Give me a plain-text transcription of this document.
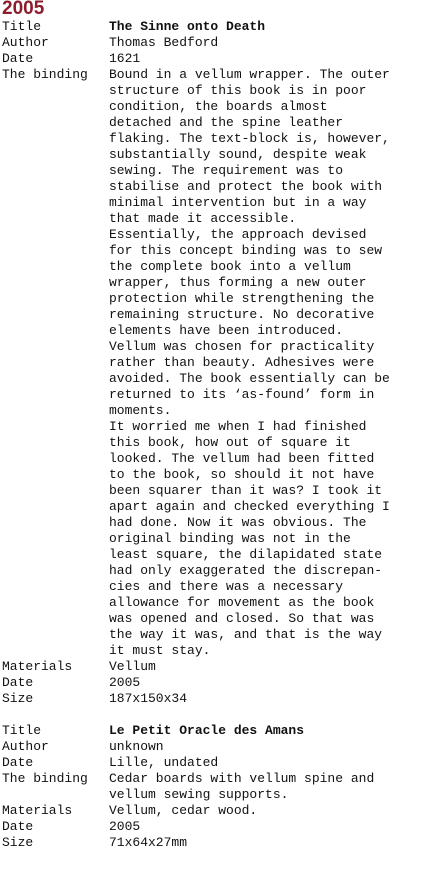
2005
Title	The Sinne onto Death
Author	Thomas Bedford
Date	1621
The binding	Bound in a vellum wrapper. The outer
structure of this book is in poor
condition, the boards almost
detached and the spine leather
flaking. The text-block is, however,
substantially sound, despite weak
sewing. The requirement was to
stabilise and protect the book with
minimal intervention but in a way
that made it accessible.
Essentially, the approach devised
for this concept binding was to sew
the complete book into a vellum
wrapper, thus forming a new outer
protection while strengthening the
remaining structure. No decorative
elements have been introduced.
Vellum was chosen for practicality
rather than beauty. Adhesives were
avoided. The book essentially can be
returned to its ‘as-found’ form in
moments.
It worried me when I had finished
this book, how out of square it
looked. The vellum had been fitted
to the book, so should it not have
been squarer than it was? I took it
apart again and checked everything I
had done. Now it was obvious. The
original binding was not in the
least square, the dilapidated state
had only exaggerated the discrepan-
cies and there was a necessary
allowance for movement as the book
was opened and closed. So that was
the way it was, and that is the way
it must stay.
Materials	Vellum
Date	2005
Size	187x150x34
Title	Le Petit Oracle des Amans
Author	unknown
Date	Lille, undated
The binding	Cedar boards with vellum spine and
vellum sewing supports.
Materials	Vellum, cedar wood.
Date	2005
Size	71x64x27mm
